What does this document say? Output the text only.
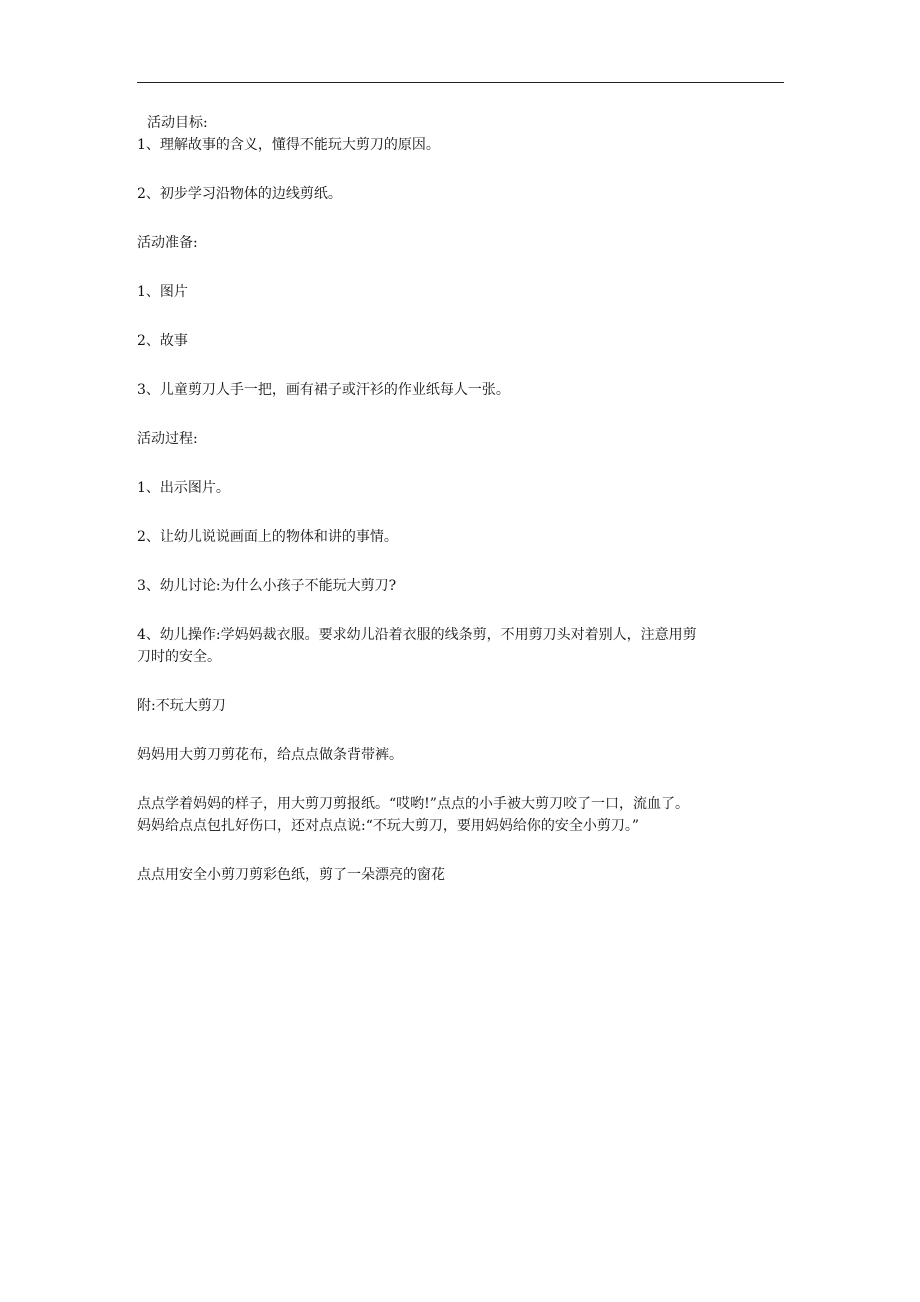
活动目标:

1、理解故事的含义，懂得不能玩大剪刀的原因。

2、初步学习沿物体的边线剪纸。

活动准备:

1、图片

2、故事

3、儿童剪刀人手一把，画有裙子或汗衫的作业纸每人一张。

活动过程:

1、出示图片。

2、让幼儿说说画面上的物体和讲的事情。

3、幼儿讨论:为什么小孩子不能玩大剪刀?

4、幼儿操作:学妈妈裁衣服。要求幼儿沿着衣服的线条剪，不用剪刀头对着别人，注意用剪

刀时的安全。

附:不玩大剪刀

妈妈用大剪刀剪花布，给点点做条背带裤。

点点学着妈妈的样子，用大剪刀剪报纸。“哎哟!”点点的小手被大剪刀咬了一口，流血了。

妈妈给点点包扎好伤口，还对点点说:“不玩大剪刀，要用妈妈给你的安全小剪刀。”

点点用安全小剪刀剪彩色纸，剪了一朵漂亮的窗花
